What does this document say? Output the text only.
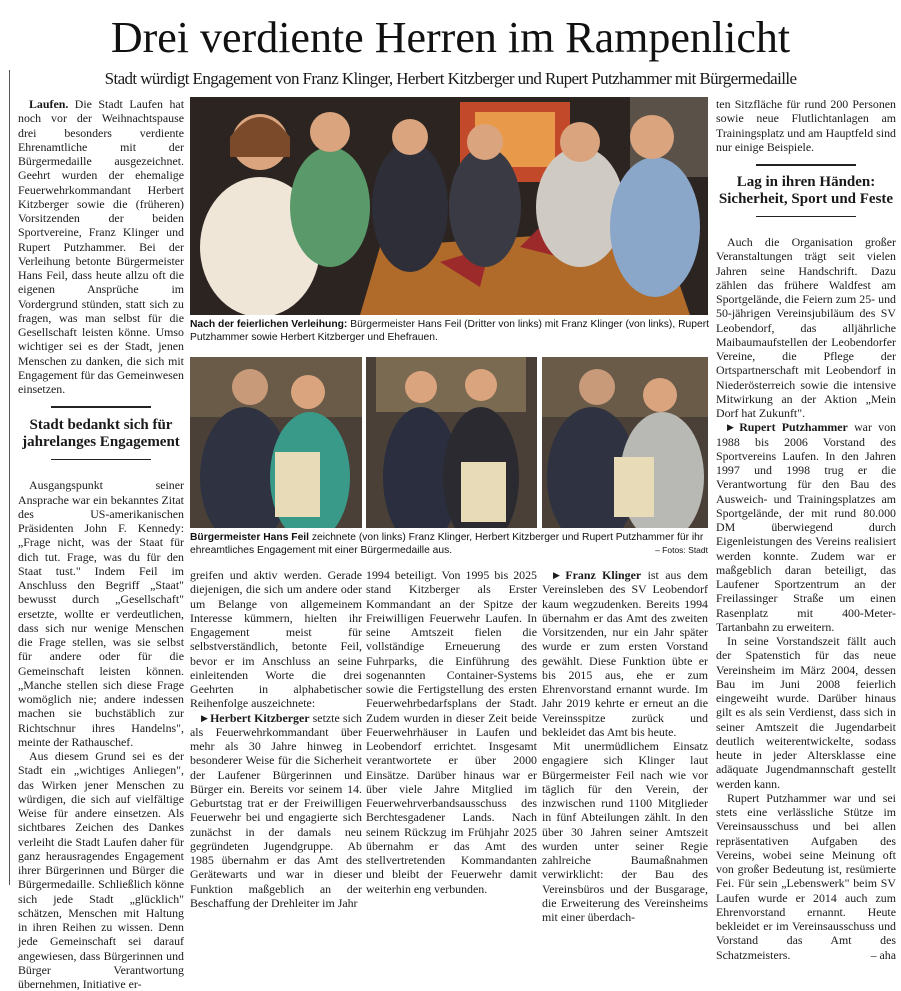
Drei verdiente Herren im Rampenlicht
Stadt würdigt Engagement von Franz Klinger, Herbert Kitzberger und Rupert Putzhammer mit Bürgermedaille

Laufen. Die Stadt Laufen hat noch vor der Weihnachtspause drei besonders verdiente Ehrenamtliche mit der Bürgermedaille ausgezeichnet. Geehrt wurden der ehemalige Feuerwehrkommandant Herbert Kitzberger sowie die (früheren) Vorsitzenden der beiden Sportvereine, Franz Klinger und Rupert Putzhammer. Bei der Verleihung betonte Bürgermeister Hans Feil, dass heute allzu oft die eigenen Ansprüche im Vordergrund stünden, statt sich zu fragen, was man selbst für die Gesellschaft leisten könne. Umso wichtiger sei es der Stadt, jenen Menschen zu danken, die sich mit Engagement für das Gemeinwesen einsetzen.

Stadt bedankt sich für jahrelanges Engagement

Ausgangspunkt seiner Ansprache war ein bekanntes Zitat des US-amerikanischen Präsidenten John F. Kennedy: „Frage nicht, was der Staat für dich tut. Frage, was du für den Staat tust." Indem Feil im Anschluss den Begriff „Staat" bewusst durch „Gesellschaft" ersetzte, wollte er verdeutlichen, dass sich nur wenige Menschen die Frage stellen, was sie selbst für andere oder für die Gemeinschaft leisten können. „Manche stellen sich diese Frage womöglich nie; andere indessen machen sie buchstäblich zur Richtschnur ihres Handelns", meinte der Rathauschef.

Aus diesem Grund sei es der Stadt ein „wichtiges Anliegen", das Wirken jener Menschen zu würdigen, die sich auf vielfältige Weise für andere einsetzen. Als sichtbares Zeichen des Dankes verleiht die Stadt Laufen daher für ganz herausragendes Engagement ihrer Bürgerinnen und Bürger die Bürgermedaille. Schließlich könne sich jede Stadt „glücklich" schätzen, Menschen mit Haltung in ihren Reihen zu wissen. Denn jede Gemeinschaft sei darauf angewiesen, dass Bürgerinnen und Bürger Verantwortung übernehmen, Initiative er-

Nach der feierlichen Verleihung: Bürgermeister Hans Feil (Dritter von links) mit Franz Klinger (von links), Rupert Putzhammer sowie Herbert Kitzberger und Ehefrauen.
Bürgermeister Hans Feil zeichnete (von links) Franz Klinger, Herbert Kitzberger und Rupert Putzhammer für ihr ehreamtliches Engagement mit einer Bürgermedaille aus.	– Fotos: Stadt

greifen und aktiv werden. Gerade diejenigen, die sich um andere oder um Belange von allgemeinem Interesse kümmern, hielten ihr Engagement meist für selbstverständlich, betonte Feil, bevor er im Anschluss an seine einleitenden Worte die drei Geehrten in alphabetischer Reihenfolge auszeichnete:

▶ Herbert Kitzberger setzte sich als Feuerwehrkommandant über mehr als 30 Jahre hinweg in besonderer Weise für die Sicherheit der Laufener Bürgerinnen und Bürger ein. Bereits vor seinem 14. Geburtstag trat er der Freiwilligen Feuerwehr bei und engagierte sich zunächst in der damals neu gegründeten Jugendgruppe. Ab 1985 übernahm er das Amt des Gerätewarts und war in dieser Funktion maßgeblich an der Beschaffung der Drehleiter im Jahr

1994 beteiligt. Von 1995 bis 2025 stand Kitzberger als Erster Kommandant an der Spitze der Freiwilligen Feuerwehr Laufen. In seine Amtszeit fielen die vollständige Erneuerung des Fuhrparks, die Einführung des sogenannten Container-Systems sowie die Fertigstellung des ersten Feuerwehrbedarfsplans der Stadt. Zudem wurden in dieser Zeit beide Feuerwehrhäuser in Laufen und Leobendorf errichtet. Insgesamt verantwortete er über 2000 Einsätze. Darüber hinaus war er über viele Jahre Mitglied im Feuerwehrverbandsausschuss des Berchtesgadener Lands. Nach seinem Rückzug im Frühjahr 2025 übernahm er das Amt des stellvertretenden Kommandanten und bleibt der Feuerwehr damit weiterhin eng verbunden.

▶ Franz Klinger ist aus dem Vereinsleben des SV Leobendorf kaum wegzudenken. Bereits 1994 übernahm er das Amt des zweiten Vorsitzenden, nur ein Jahr später wurde er zum ersten Vorstand gewählt. Diese Funktion übte er bis 2015 aus, ehe er zum Ehrenvorstand ernannt wurde. Im Jahr 2019 kehrte er erneut an die Vereinsspitze zurück und bekleidet das Amt bis heute.

Mit unermüdlichem Einsatz engagiere sich Klinger laut Bürgermeister Feil nach wie vor täglich für den Verein, der inzwischen rund 1100 Mitglieder in fünf Abteilungen zählt. In den über 30 Jahren seiner Amtszeit wurden unter seiner Regie zahlreiche Baumaßnahmen verwirklicht: der Bau des Vereinsbüros und der Busgarage, die Erweiterung des Vereinsheims mit einer überdach-

ten Sitzfläche für rund 200 Personen sowie neue Flutlichtanlagen am Trainingsplatz und am Hauptfeld sind nur einige Beispiele.

Lag in ihren Händen: Sicherheit, Sport und Feste

Auch die Organisation großer Veranstaltungen trägt seit vielen Jahren seine Handschrift. Dazu zählen das frühere Waldfest am Sportgelände, die Feiern zum 25- und 50-jährigen Vereinsjubiläum des SV Leobendorf, das alljährliche Maibaumaufstellen der Leobendorfer Vereine, die Pflege der Ortspartnerschaft mit Leobendorf in Niederösterreich sowie die intensive Mitwirkung an der Aktion „Mein Dorf hat Zukunft".

▶ Rupert Putzhammer war von 1988 bis 2006 Vorstand des Sportvereins Laufen. In den Jahren 1997 und 1998 trug er die Verantwortung für den Bau des Ausweich- und Trainingsplatzes am Sportgelände, der mit rund 80.000 DM überwiegend durch Eigenleistungen des Vereins realisiert werden konnte. Zudem war er maßgeblich daran beteiligt, das Laufener Sportzentrum an der Freilassinger Straße um einen Rasenplatz mit 400-Meter-Tartanbahn zu erweitern.

In seine Vorstandszeit fällt auch der Spatenstich für das neue Vereinsheim im März 2004, dessen Bau im Juni 2008 feierlich eingeweiht wurde. Darüber hinaus gilt es als sein Verdienst, dass sich in seiner Amtszeit die Jugendarbeit deutlich weiterentwickelte, sodass heute in jeder Altersklasse eine adäquate Jugendmannschaft gestellt werden kann.

Rupert Putzhammer war und sei stets eine verlässliche Stütze im Vereinsausschuss und bei allen repräsentativen Aufgaben des Vereins, wobei seine Meinung oft von großer Bedeutung ist, resümierte Fei. Für sein „Lebenswerk" beim SV Laufen wurde er 2014 auch zum Ehrenvorstand ernannt. Heute bekleidet er im Vereinsausschuss und Vorstand das Amt des Schatzmeisters.	– aha
